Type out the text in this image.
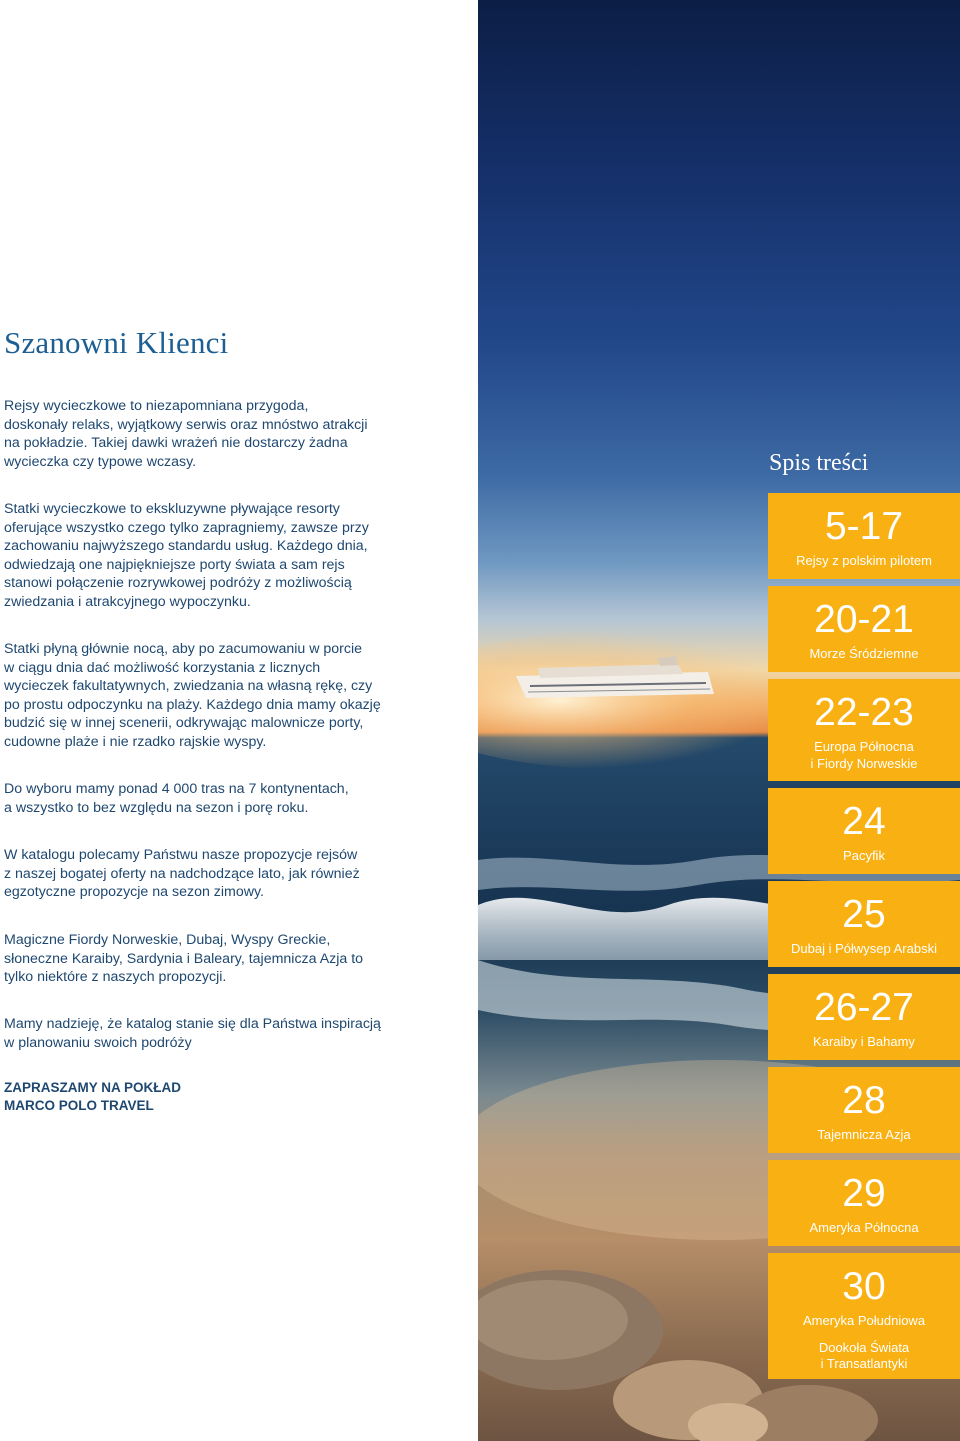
Szanowni Klienci

Rejsy wycieczkowe to niezapomniana przygoda,
doskonały relaks, wyjątkowy serwis oraz mnóstwo atrakcji
na pokładzie. Takiej dawki wrażeń nie dostarczy żadna
wycieczka czy typowe wczasy.

Statki wycieczkowe to ekskluzywne pływające resorty
oferujące wszystko czego tylko zapragniemy, zawsze przy
zachowaniu najwyższego standardu usług. Każdego dnia,
odwiedzają one najpiękniejsze porty świata a sam rejs
stanowi połączenie rozrywkowej podróży z możliwością
zwiedzania i atrakcyjnego wypoczynku.

Statki płyną głównie nocą, aby po zacumowaniu w porcie
w ciągu dnia dać możliwość korzystania z licznych
wycieczek fakultatywnych, zwiedzania na własną rękę, czy
po prostu odpoczynku na plaży. Każdego dnia mamy okazję
budzić się w innej scenerii, odkrywając malownicze porty,
cudowne plaże i nie rzadko rajskie wyspy.

Do wyboru mamy ponad 4 000 tras na 7 kontynentach,
a wszystko to bez względu na sezon i porę roku.

W katalogu polecamy Państwu nasze propozycje rejsów
z naszej bogatej oferty na nadchodzące lato, jak również
egzotyczne propozycje na sezon zimowy.

Magiczne Fiordy Norweskie, Dubaj, Wyspy Greckie,
słoneczne Karaiby, Sardynia i Baleary, tajemnicza Azja to
tylko niektóre z naszych propozycji.

Mamy nadzieję, że katalog stanie się dla Państwa inspiracją
w planowaniu swoich podróży

ZAPRASZAMY NA POKŁAD
MARCO POLO TRAVEL

Spis treści
5-17
Rejsy z polskim pilotem
20-21
Morze Śródziemne
22-23
Europa Północna
i Fiordy Norweskie
24
Pacyfik
25
Dubaj i Półwysep Arabski
26-27
Karaiby i Bahamy
28
Tajemnicza Azja
29
Ameryka Północna
30
Ameryka Południowa
Dookoła Świata
i Transatlantyki
